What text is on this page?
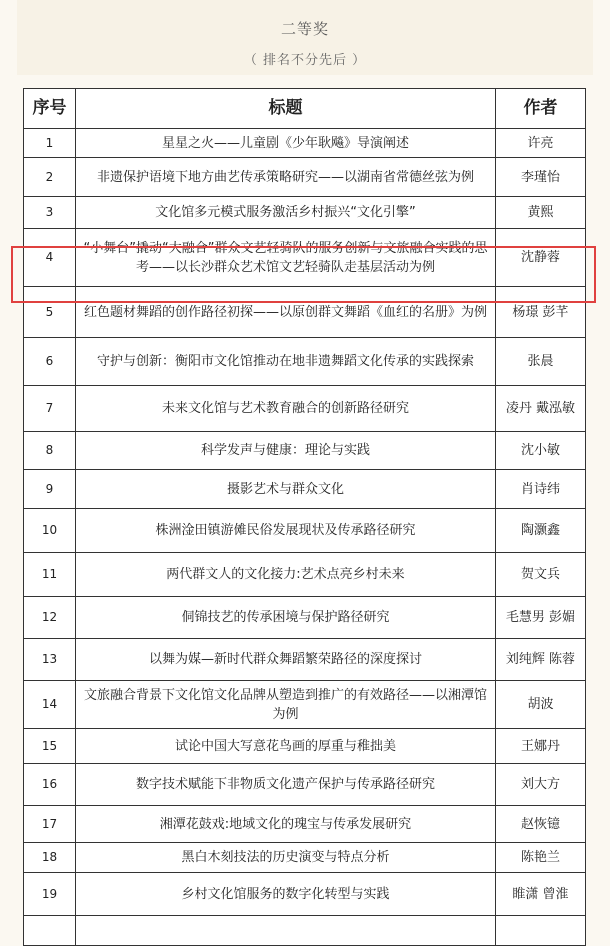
二等奖
（ 排名不分先后 ）
序号	标题	作者
1	星星之火——儿童剧《少年耿飚》导演阐述	许亮
2	非遗保护语境下地方曲艺传承策略研究——以湖南省常德丝弦为例	李瑾怡
3	文化馆多元模式服务激活乡村振兴“文化引擎”	黄熙
4	“小舞台”撬动“大融合”群众文艺轻骑队的服务创新与文旅融合实践的思考——以长沙群众艺术馆文艺轻骑队走基层活动为例	沈静蓉
5	红色题材舞蹈的创作路径初探——以原创群文舞蹈《血红的名册》为例	杨璟 彭芊
6	守护与创新：衡阳市文化馆推动在地非遗舞蹈文化传承的实践探索	张晨
7	未来文化馆与艺术教育融合的创新路径研究	凌丹 戴泓敏
8	科学发声与健康：理论与实践	沈小敏
9	摄影艺术与群众文化	肖诗纬
10	株洲淦田镇游傩民俗发展现状及传承路径研究	陶灏鑫
11	两代群文人的文化接力:艺术点亮乡村未来	贺文兵
12	侗锦技艺的传承困境与保护路径研究	毛慧男 彭媚
13	以舞为媒—新时代群众舞蹈繁荣路径的深度探讨	刘纯辉 陈蓉
14	文旅融合背景下文化馆文化品牌从塑造到推广的有效路径——以湘潭馆为例	胡波
15	试论中国大写意花鸟画的厚重与稚拙美	王娜丹
16	数字技术赋能下非物质文化遗产保护与传承路径研究	刘大方
17	湘潭花鼓戏:地域文化的瑰宝与传承发展研究	赵恢镱
18	黑白木刻技法的历史演变与特点分析	陈艳兰
19	乡村文化馆服务的数字化转型与实践	睢潇 曾淮
